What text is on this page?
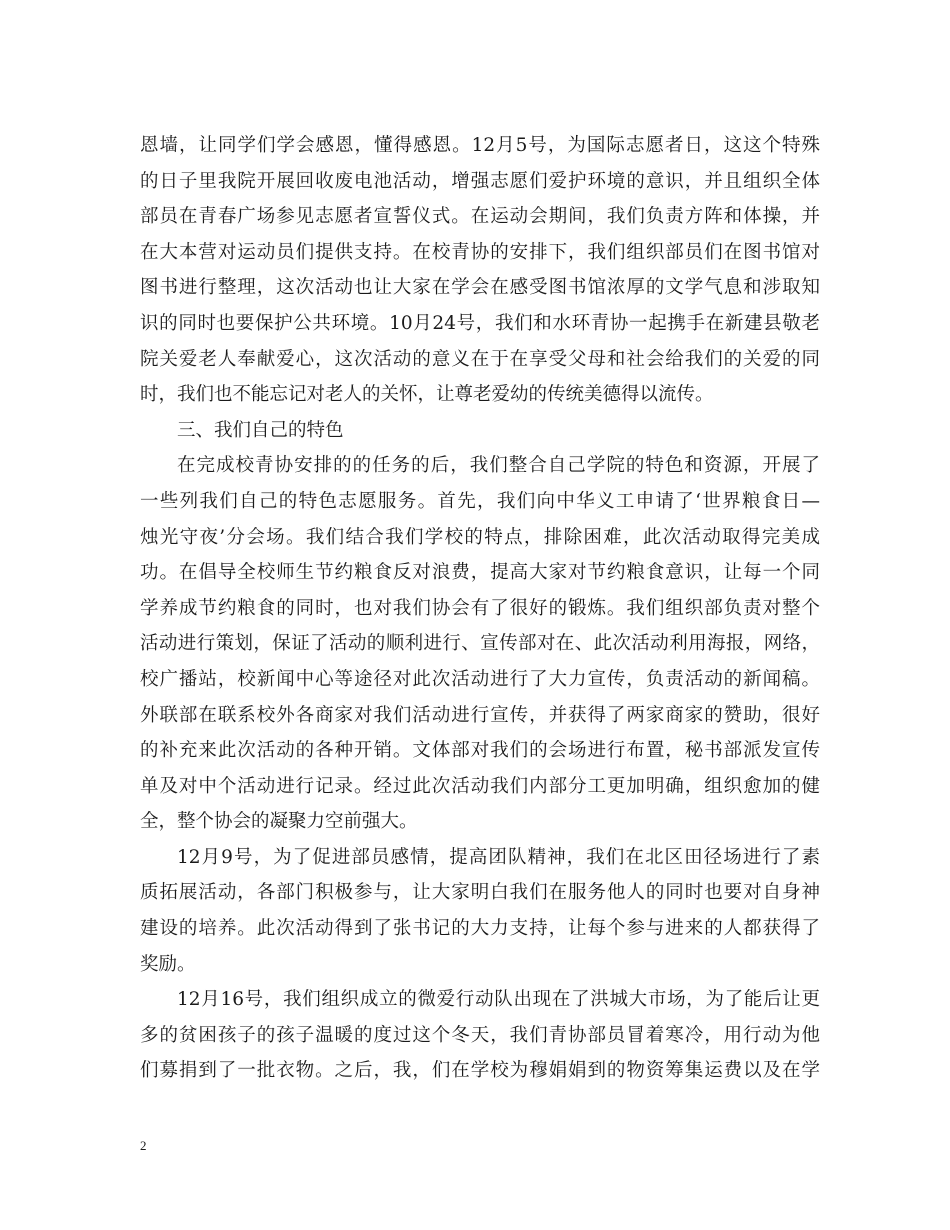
恩墙，让同学们学会感恩，懂得感恩。12月5号，为国际志愿者日，这这个特殊
的日子里我院开展回收废电池活动，增强志愿们爱护环境的意识，并且组织全体
部员在青春广场参见志愿者宣誓仪式。在运动会期间，我们负责方阵和体操，并
在大本营对运动员们提供支持。在校青协的安排下，我们组织部员们在图书馆对
图书进行整理，这次活动也让大家在学会在感受图书馆浓厚的文学气息和涉取知
识的同时也要保护公共环境。10月24号，我们和水环青协一起携手在新建县敬老
院关爱老人奉献爱心，这次活动的意义在于在享受父母和社会给我们的关爱的同
时，我们也不能忘记对老人的关怀，让尊老爱幼的传统美德得以流传。
三、我们自己的特色
在完成校青协安排的的任务的后，我们整合自己学院的特色和资源，开展了
一些列我们自己的特色志愿服务。首先，我们向中华义工申请了‘世界粮食日—
烛光守夜’分会场。我们结合我们学校的特点，排除困难，此次活动取得完美成
功。在倡导全校师生节约粮食反对浪费，提高大家对节约粮食意识，让每一个同
学养成节约粮食的同时，也对我们协会有了很好的锻炼。我们组织部负责对整个
活动进行策划，保证了活动的顺利进行、宣传部对在、此次活动利用海报，网络，
校广播站，校新闻中心等途径对此次活动进行了大力宣传，负责活动的新闻稿。
外联部在联系校外各商家对我们活动进行宣传，并获得了两家商家的赞助，很好
的补充来此次活动的各种开销。文体部对我们的会场进行布置，秘书部派发宣传
单及对中个活动进行记录。经过此次活动我们内部分工更加明确，组织愈加的健
全，整个协会的凝聚力空前强大。
12月9号，为了促进部员感情，提高团队精神，我们在北区田径场进行了素
质拓展活动，各部门积极参与，让大家明白我们在服务他人的同时也要对自身神
建设的培养。此次活动得到了张书记的大力支持，让每个参与进来的人都获得了
奖励。
12月16号，我们组织成立的微爱行动队出现在了洪城大市场，为了能后让更
多的贫困孩子的孩子温暖的度过这个冬天，我们青协部员冒着寒冷，用行动为他
们募捐到了一批衣物。之后，我，们在学校为穆娟娟到的物资筹集运费以及在学
2
